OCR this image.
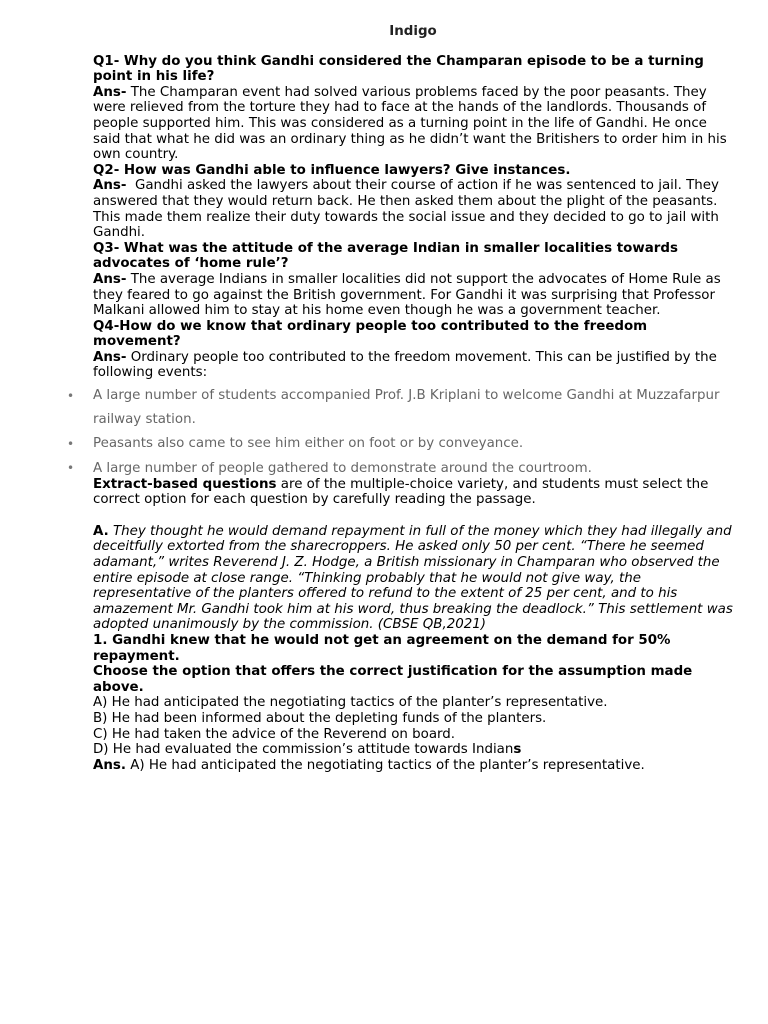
Indigo

Q1- Why do you think Gandhi considered the Champaran episode to be a turning point in his life?

Ans- The Champaran event had solved various problems faced by the poor peasants. They were relieved from the torture they had to face at the hands of the landlords. Thousands of people supported him. This was considered as a turning point in the life of Gandhi. He once said that what he did was an ordinary thing as he didn’t want the Britishers to order him in his own country.

Q2- How was Gandhi able to influence lawyers? Give instances.

Ans-  Gandhi asked the lawyers about their course of action if he was sentenced to jail. They answered that they would return back. He then asked them about the plight of the peasants. This made them realize their duty towards the social issue and they decided to go to jail with Gandhi.

Q3- What was the attitude of the average Indian in smaller localities towards advocates of ‘home rule’?

Ans- The average Indians in smaller localities did not support the advocates of Home Rule as they feared to go against the British government. For Gandhi it was surprising that Professor Malkani allowed him to stay at his home even though he was a government teacher.

Q4-How do we know that ordinary people too contributed to the freedom movement?

Ans- Ordinary people too contributed to the freedom movement. This can be justified by the following events:

• A large number of students accompanied Prof. J.B Kriplani to welcome Gandhi at Muzzafarpur railway station.
• Peasants also came to see him either on foot or by conveyance.
• A large number of people gathered to demonstrate around the courtroom.

Extract-based questions are of the multiple-choice variety, and students must select the correct option for each question by carefully reading the passage.

A. They thought he would demand repayment in full of the money which they had illegally and deceitfully extorted from the sharecroppers. He asked only 50 per cent. “There he seemed adamant,” writes Reverend J. Z. Hodge, a British missionary in Champaran who observed the entire episode at close range. “Thinking probably that he would not give way, the representative of the planters offered to refund to the extent of 25 per cent, and to his amazement Mr. Gandhi took him at his word, thus breaking the deadlock.” This settlement was adopted unanimously by the commission. (CBSE QB,2021)

1. Gandhi knew that he would not get an agreement on the demand for 50% repayment.

Choose the option that offers the correct justification for the assumption made above.

A) He had anticipated the negotiating tactics of the planter’s representative.

B) He had been informed about the depleting funds of the planters.

C) He had taken the advice of the Reverend on board.

D) He had evaluated the commission’s attitude towards Indians

Ans. A) He had anticipated the negotiating tactics of the planter’s representative.
